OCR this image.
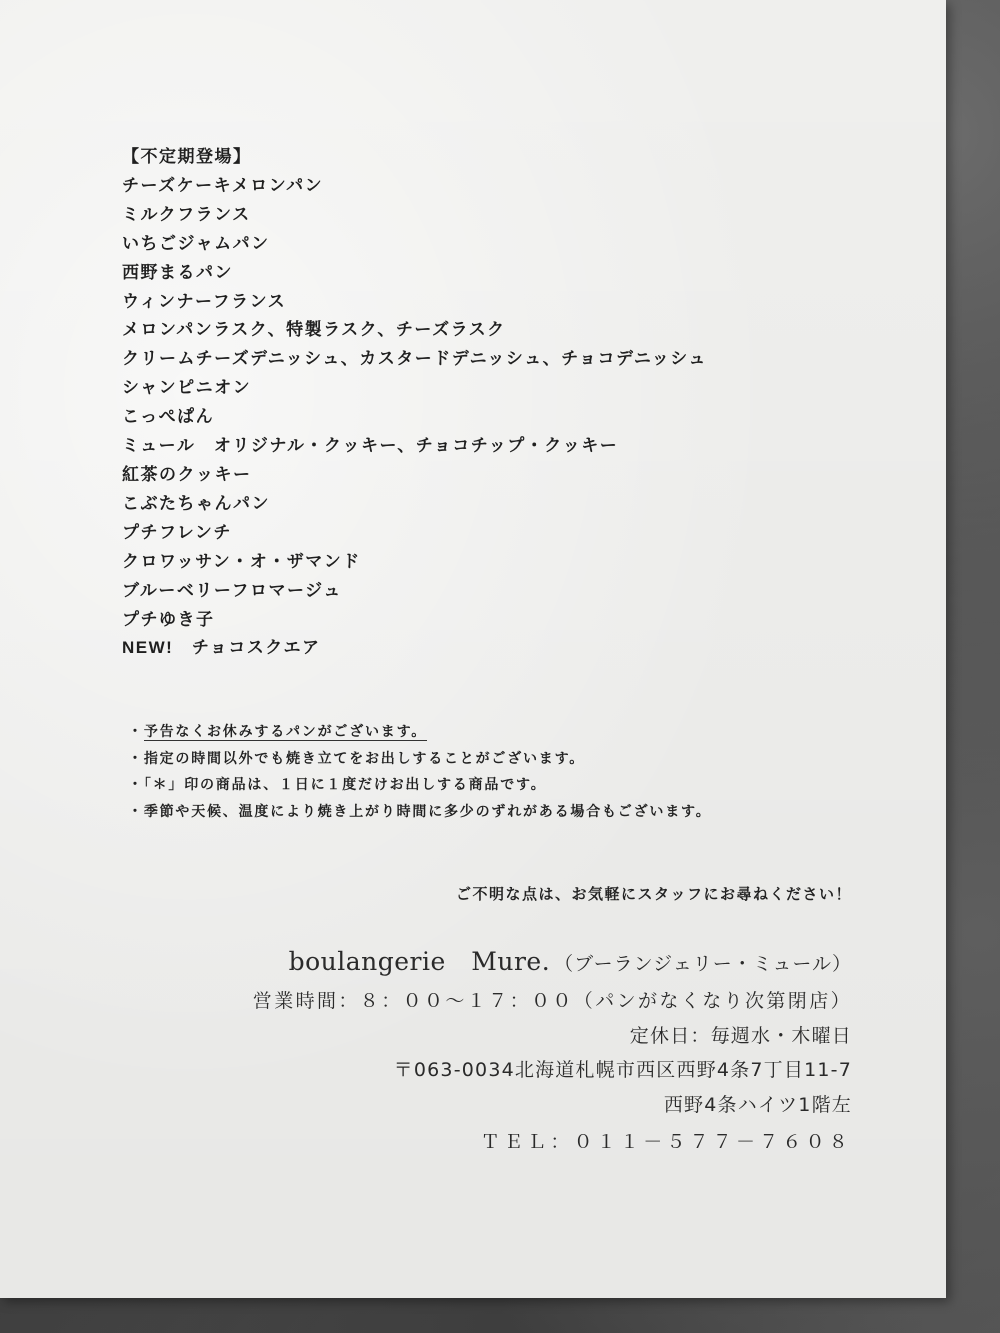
【不定期登場】
チーズケーキメロンパン
ミルクフランス
いちごジャムパン
西野まるパン
ウィンナーフランス
メロンパンラスク、特製ラスク、チーズラスク
クリームチーズデニッシュ、カスタードデニッシュ、チョコデニッシュ
シャンピニオン
こっぺぱん
ミュール　オリジナル・クッキー、チョコチップ・クッキー
紅茶のクッキー
こぶたちゃんパン
プチフレンチ
クロワッサン・オ・ザマンド
ブルーベリーフロマージュ
プチゆき子
NEW!　チョコスクエア
・予告なくお休みするパンがございます。
・指定の時間以外でも焼き立てをお出しすることがございます。
・「＊」印の商品は、１日に１度だけお出しする商品です。
・季節や天候、温度により焼き上がり時間に多少のずれがある場合もございます。
ご不明な点は、お気軽にスタッフにお尋ねください！
boulangerie　Mure. （ブーランジェリー・ミュール）
営業時間：８：００～１７：００（パンがなくなり次第閉店）
定休日：毎週水・木曜日
〒063-0034北海道札幌市西区西野4条7丁目11-7
西野4条ハイツ1階左
ＴＥＬ：０１１－５７７－７６０８
